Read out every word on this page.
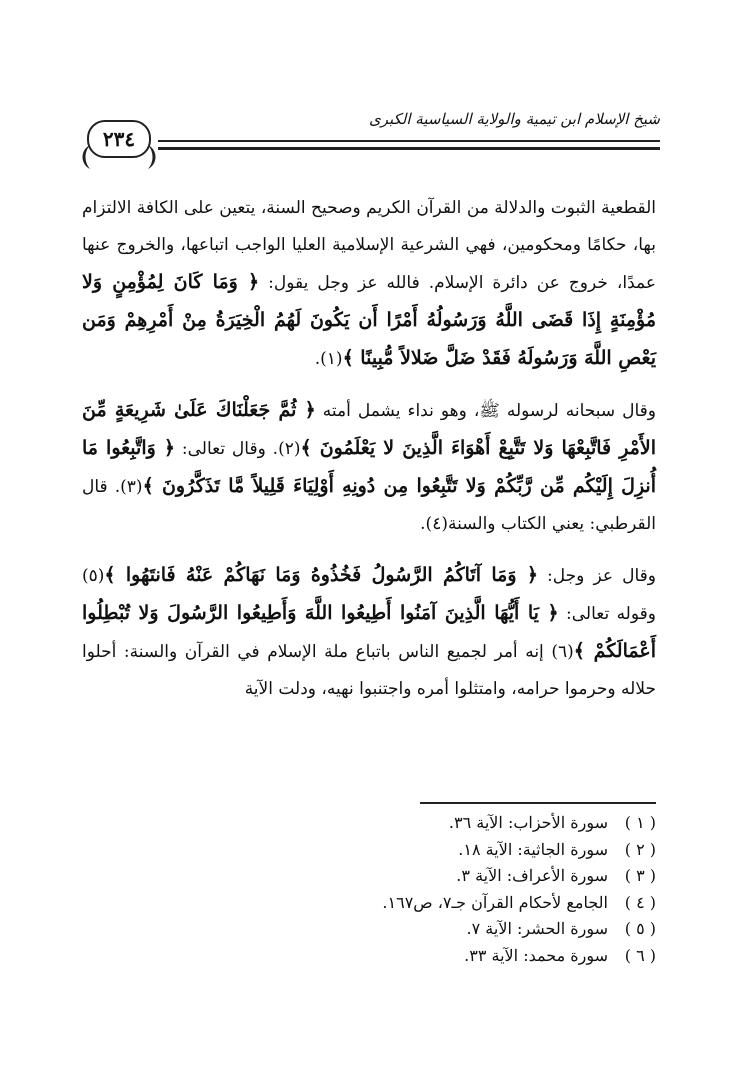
شيخ الإسلام ابن تيمية والولاية السياسية الكبرى
٢٣٤

القطعية الثبوت والدلالة من القرآن الكريم وصحيح السنة، يتعين على الكافة الالتزام بها، حكامًا ومحكومين، فهي الشرعية الإسلامية العليا الواجب اتباعها، والخروج عنها عمدًا، خروج عن دائرة الإسلام. فالله عز وجل يقول: ﴿ وَمَا كَانَ لِمُؤْمِنٍ وَلا مُؤْمِنَةٍ إِذَا قَضَى اللَّهُ وَرَسُولُهُ أَمْرًا أَن يَكُونَ لَهُمُ الْخِيَرَةُ مِنْ أَمْرِهِمْ وَمَن يَعْصِ اللَّهَ وَرَسُولَهُ فَقَدْ ضَلَّ ضَلالاً مُّبِينًا ﴾(١).

وقال سبحانه لرسوله ﷺ، وهو نداء يشمل أمته ﴿ ثُمَّ جَعَلْنَاكَ عَلَىٰ شَرِيعَةٍ مِّنَ الأَمْرِ فَاتَّبِعْهَا وَلا تَتَّبِعْ أَهْوَاءَ الَّذِينَ لا يَعْلَمُونَ ﴾(٢). وقال تعالى: ﴿ وَاتَّبِعُوا مَا أُنزِلَ إِلَيْكُم مِّن رَّبِّكُمْ وَلا تَتَّبِعُوا مِن دُونِهِ أَوْلِيَاءَ قَلِيلاً مَّا تَذَكَّرُونَ ﴾(٣). قال القرطبي: يعني الكتاب والسنة(٤).

وقال عز وجل: ﴿ وَمَا آتَاكُمُ الرَّسُولُ فَخُذُوهُ وَمَا نَهَاكُمْ عَنْهُ فَانتَهُوا ﴾(٥) وقوله تعالى: ﴿ يَا أَيُّهَا الَّذِينَ آمَنُوا أَطِيعُوا اللَّهَ وَأَطِيعُوا الرَّسُولَ وَلا تُبْطِلُوا أَعْمَالَكُمْ ﴾(٦) إنه أمر لجميع الناس باتباع ملة الإسلام في القرآن والسنة: أحلوا حلاله وحرموا حرامه، وامتثلوا أمره واجتنبوا نهيه، ودلت الآية

( ١ )سورة الأحزاب: الآية ٣٦.
( ٢ )سورة الجاثية: الآية ١٨.
( ٣ )سورة الأعراف: الآية ٣.
( ٤ )الجامع لأحكام القرآن جـ٧، ص١٦٧.
( ٥ )سورة الحشر: الآية ٧.
( ٦ )سورة محمد: الآية ٣٣.
